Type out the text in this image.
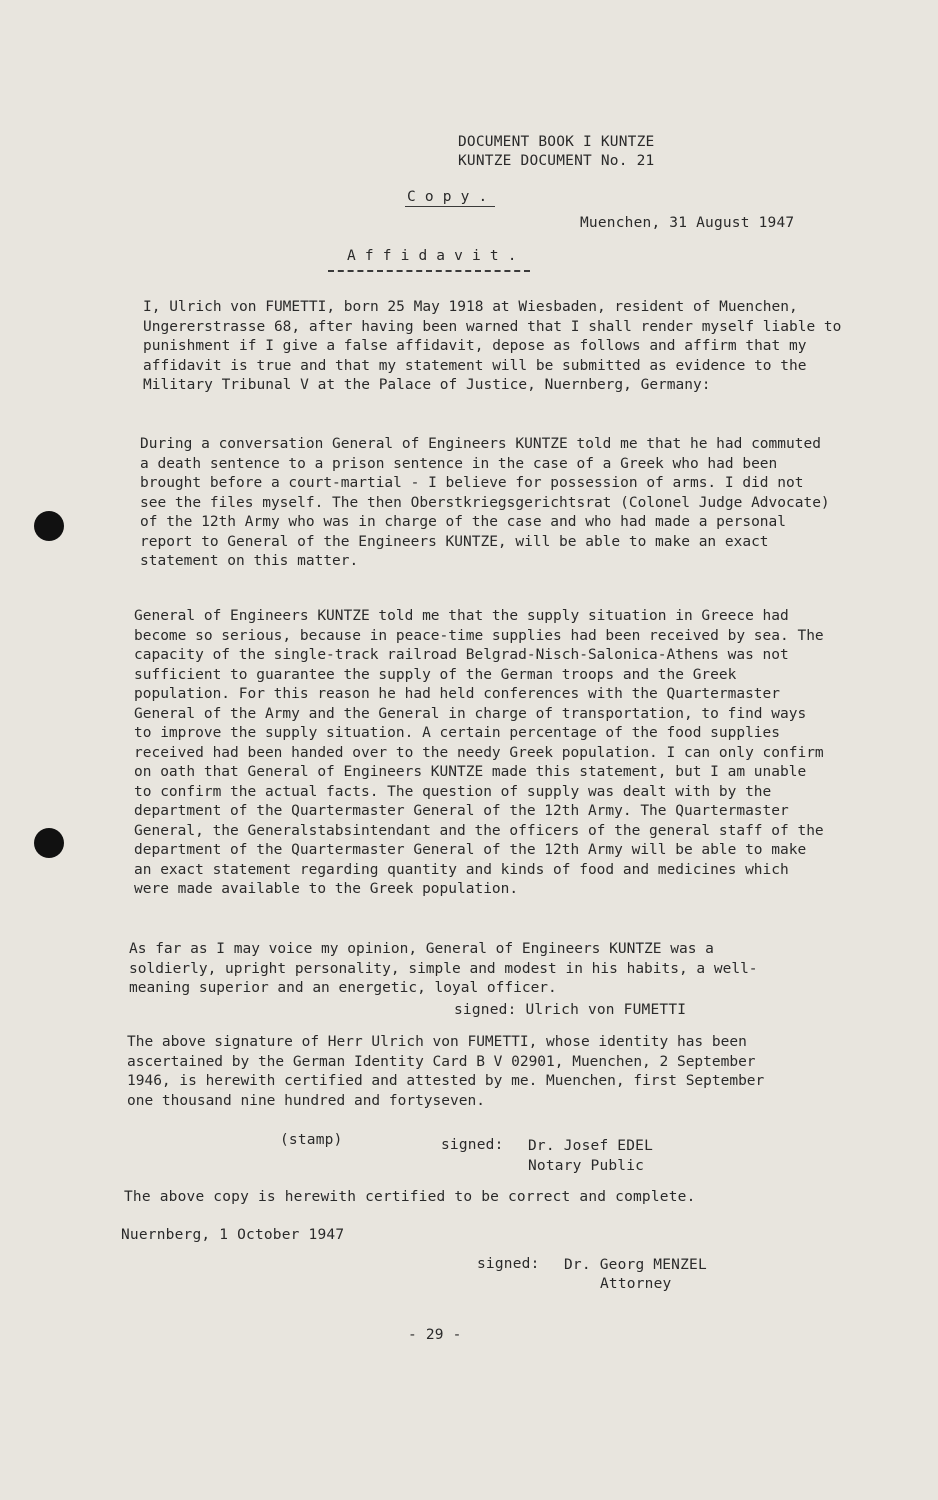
DOCUMENT BOOK I KUNTZE
KUNTZE DOCUMENT No. 21
C o p y .
Muenchen, 31 August 1947
A f f i d a v i t .
I, Ulrich von FUMETTI, born 25 May 1918 at Wiesbaden, resident of Muenchen, Ungererstrasse 68, after having been warned that I shall render myself liable to punishment if I give a false affidavit, depose as follows and affirm that my affidavit is true and that my statement will be submitted as evidence to the Military Tribunal V at the Palace of Justice, Nuernberg, Germany:
During a conversation General of Engineers KUNTZE told me that he had commuted a death sentence to a prison sentence in the case of a Greek who had been brought before a court-martial - I believe for possession of arms. I did not see the files myself. The then Oberstkriegsgerichtsrat (Colonel Judge Advocate) of the 12th Army who was in charge of the case and who had made a personal report to General of the Engineers KUNTZE, will be able to make an exact statement on this matter.
General of Engineers KUNTZE told me that the supply situation in Greece had become so serious, because in peace-time supplies had been received by sea. The capacity of the single-track railroad Belgrad-Nisch-Salonica-Athens was not sufficient to guarantee the supply of the German troops and the Greek population. For this reason he had held conferences with the Quartermaster General of the Army and the General in charge of transportation, to find ways to improve the supply situation. A certain percentage of the food supplies received had been handed over to the needy Greek population. I can only confirm on oath that General of Engineers KUNTZE made this statement, but I am unable to confirm the actual facts. The question of supply was dealt with by the department of the Quartermaster General of the 12th Army. The Quartermaster General, the Generalstabsintendant and the officers of the general staff of the department of the Quartermaster General of the 12th Army will be able to make an exact statement regarding quantity and kinds of food and medicines which were made available to the Greek population.
As far as I may voice my opinion, General of Engineers KUNTZE was a soldierly, upright personality, simple and modest in his habits, a well-meaning superior and an energetic, loyal officer.
signed: Ulrich von FUMETTI
The above signature of Herr Ulrich von FUMETTI, whose identity has been ascertained by the German Identity Card B V 02901, Muenchen, 2 September 1946, is herewith certified and attested by me. Muenchen, first September one thousand nine hundred and fortyseven.
(stamp)	signed: Dr. Josef EDEL
Notary Public
The above copy is herewith certified to be correct and complete.
Nuernberg, 1 October 1947
signed: Dr. Georg MENZEL
Attorney
- 29 -
